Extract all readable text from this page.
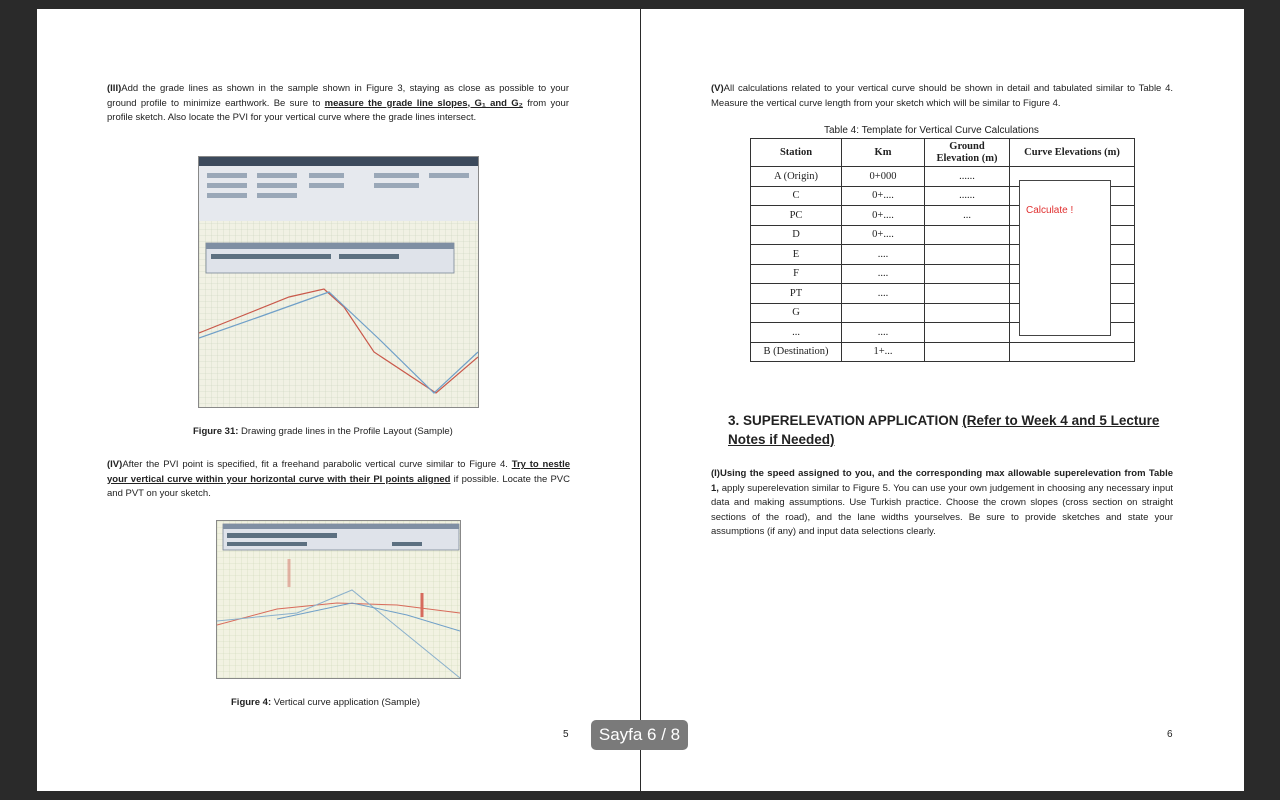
(III)Add the grade lines as shown in the sample shown in Figure 3, staying as close as possible to your ground profile to minimize earthwork. Be sure to measure the grade line slopes, G₁ and G₂ from your profile sketch. Also locate the PVI for your vertical curve where the grade lines intersect.
Figure 31: Drawing grade lines in the Profile Layout (Sample)
(IV)After the PVI point is specified, fit a freehand parabolic vertical curve similar to Figure 4. Try to nestle your vertical curve within your horizontal curve with their PI points aligned if possible. Locate the PVC and PVT on your sketch.
Figure 4: Vertical curve application (Sample)
5
(V)All calculations related to your vertical curve should be shown in detail and tabulated similar to Table 4. Measure the vertical curve length from your sketch which will be similar to Figure 4.
Table 4: Template for Vertical Curve Calculations
Station	Km	Ground Elevation (m)	Curve Elevations (m)
A (Origin)	0+000	......	
C	0+....	......	
PC	0+....	...	
D	0+....		
E	....		
F	....		
PT	....		
G			
...	....		
B (Destination)	1+...		
Calculate !
3. SUPERELEVATION APPLICATION (Refer to Week 4 and 5 Lecture Notes if Needed)
(I)Using the speed assigned to you, and the corresponding max allowable superelevation from Table 1, apply superelevation similar to Figure 5. You can use your own judgement in choosing any necessary input data and making assumptions. Use Turkish practice. Choose the crown slopes (cross section on straight sections of the road), and the lane widths yourselves. Be sure to provide sketches and state your assumptions (if any) and input data selections clearly.
6
Sayfa 6 / 8
